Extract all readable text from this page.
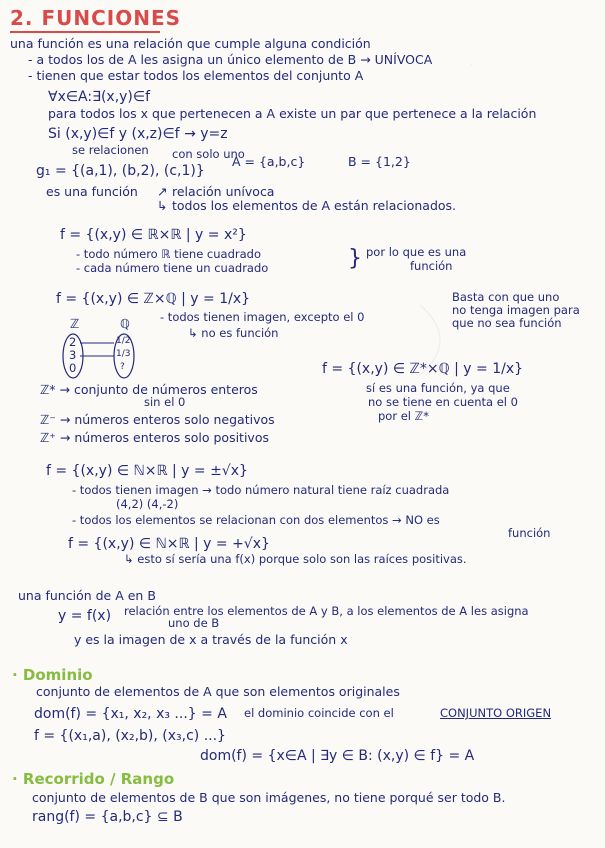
·
2. FUNCIONES
una función es una relación que cumple alguna condición
- a todos los de A les asigna un único elemento de B → UNÍVOCA
- tienen que estar todos los elementos del conjunto A
∀x∈A:∃(x,y)∈f
para todos los x que pertenecen a A existe un par que pertenece a la relación
Si (x,y)∈f y (x,z)∈f → y=z
se relacionen con solo uno
A = {a,b,c}	B = {1,2}
g₁ = {(a,1), (b,2), (c,1)}
es una función	relación unívoca
todos los elementos de A están relacionados.
↗
↳
f = {(x,y) ∈ ℝ×ℝ | y = x²}
- todo número ℝ tiene cuadrado
- cada número tiene un cuadrado	} por lo que es una
función
f = {(x,y) ∈ ℤ×ℚ | y = 1/x}	Basta con que uno
no tenga imagen para
que no sea función
ℤ	ℚ	- todos tienen imagen, excepto el 0
↳ no es función
2
3
0
1/2
1/3
?	f = {(x,y) ∈ ℤ*×ℚ | y = 1/x}
sí es una función, ya que
no se tiene en cuenta el 0
por el ℤ*
ℤ* → conjunto de números enteros
sin el 0
ℤ⁻ → números enteros solo negativos
ℤ⁺ → números enteros solo positivos
f = {(x,y) ∈ ℕ×ℝ | y = ±√x}
- todos tienen imagen → todo número natural tiene raíz cuadrada
(4,2) (4,-2)
- todos los elementos se relacionan con dos elementos → NO es
función
f = {(x,y) ∈ ℕ×ℝ | y = +√x}
↳ esto sí sería una f(x) porque solo son las raíces positivas.
una función de A en B
y = f(x) relación entre los elementos de A y B, a los elementos de A les asigna
uno de B
y es la imagen de x a través de la función x
· Dominio
conjunto de elementos de A que son elementos originales
dom(f) = {x₁, x₂, x₃ ...} = A el dominio coincide con el	CONJUNTO ORIGEN
f = {(x₁,a), (x₂,b), (x₃,c) ...}
dom(f) = {x∈A | ∃y ∈ B: (x,y) ∈ f} = A
· Recorrido / Rango
conjunto de elementos de B que son imágenes, no tiene porqué ser todo B.
rang(f) = {a,b,c} ⊆ B
